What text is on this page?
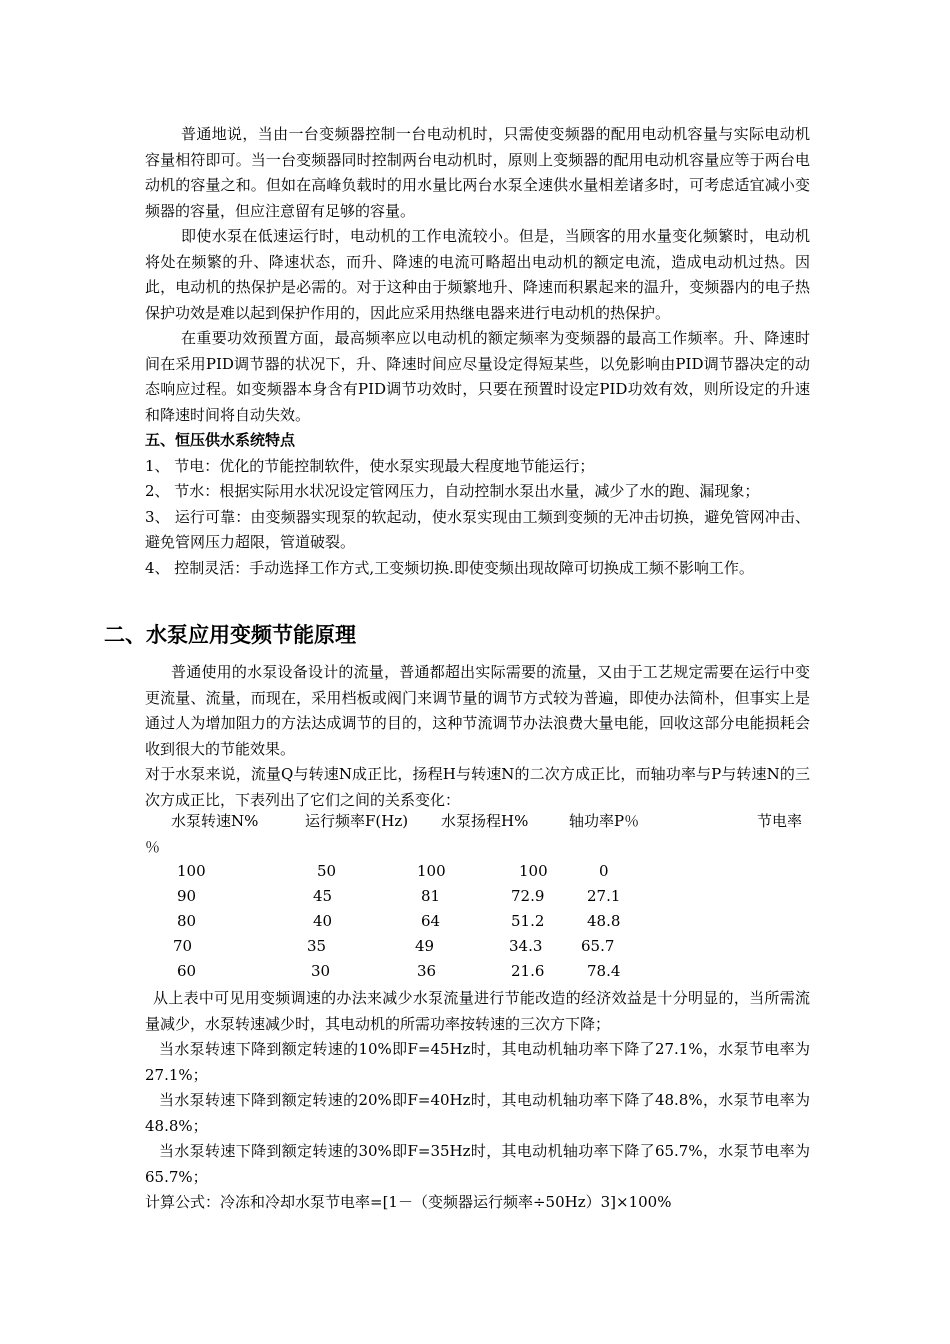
普通地说，当由一台变频器控制一台电动机时，只需使变频器的配用电动机容量与实际电动机容量相符即可。当一台变频器同时控制两台电动机时，原则上变频器的配用电动机容量应等于两台电动机的容量之和。但如在高峰负载时的用水量比两台水泵全速供水量相差诸多时，可考虑适宜减小变频器的容量，但应注意留有足够的容量。

即使水泵在低速运行时，电动机的工作电流较小。但是，当顾客的用水量变化频繁时，电动机将处在频繁的升、降速状态，而升、降速的电流可略超出电动机的额定电流，造成电动机过热。因此，电动机的热保护是必需的。对于这种由于频繁地升、降速而积累起来的温升，变频器内的电子热保护功效是难以起到保护作用的，因此应采用热继电器来进行电动机的热保护。

在重要功效预置方面，最高频率应以电动机的额定频率为变频器的最高工作频率。升、降速时间在采用PID调节器的状况下，升、降速时间应尽量设定得短某些，以免影响由PID调节器决定的动态响应过程。如变频器本身含有PID调节功效时，只要在预置时设定PID功效有效，则所设定的升速和降速时间将自动失效。

五、恒压供水系统特点

1、 节电：优化的节能控制软件，使水泵实现最大程度地节能运行；

2、 节水：根据实际用水状况设定管网压力，自动控制水泵出水量，减少了水的跑、漏现象；

3、 运行可靠：由变频器实现泵的软起动，使水泵实现由工频到变频的无冲击切换，避免管网冲击、避免管网压力超限，管道破裂。

4、 控制灵活：手动选择工作方式,工变频切换.即使变频出现故障可切换成工频不影响工作。

二、水泵应用变频节能原理

普通使用的水泵设备设计的流量，普通都超出实际需要的流量，又由于工艺规定需要在运行中变更流量、流量，而现在，采用档板或阀门来调节量的调节方式较为普遍，即使办法简朴，但事实上是通过人为增加阻力的方法达成调节的目的，这种节流调节办法浪费大量电能，回收这部分电能损耗会收到很大的节能效果。

对于水泵来说，流量Q与转速N成正比，扬程H与转速N的二次方成正比，而轴功率与P与转速N的三次方成正比，下表列出了它们之间的关系变化：

水泵转速N%	运行频率F(Hz) 水泵扬程H%	轴功率P％	节电率
％
100	50	100	100	0
90	45	81	72.9	27.1
80	40	64	51.2	48.8
70	35	49	34.3	65.7
60	30	36	21.6	78.4

从上表中可见用变频调速的办法来减少水泵流量进行节能改造的经济效益是十分明显的，当所需流量减少，水泵转速减少时，其电动机的所需功率按转速的三次方下降；

当水泵转速下降到额定转速的10%即F=45Hz时，其电动机轴功率下降了27.1%，水泵节电率为27.1%；

当水泵转速下降到额定转速的20%即F=40Hz时，其电动机轴功率下降了48.8%，水泵节电率为48.8%；

当水泵转速下降到额定转速的30%即F=35Hz时，其电动机轴功率下降了65.7%，水泵节电率为65.7%；

计算公式：冷冻和冷却水泵节电率=[1－（变频器运行频率÷50Hz）3]×100%
